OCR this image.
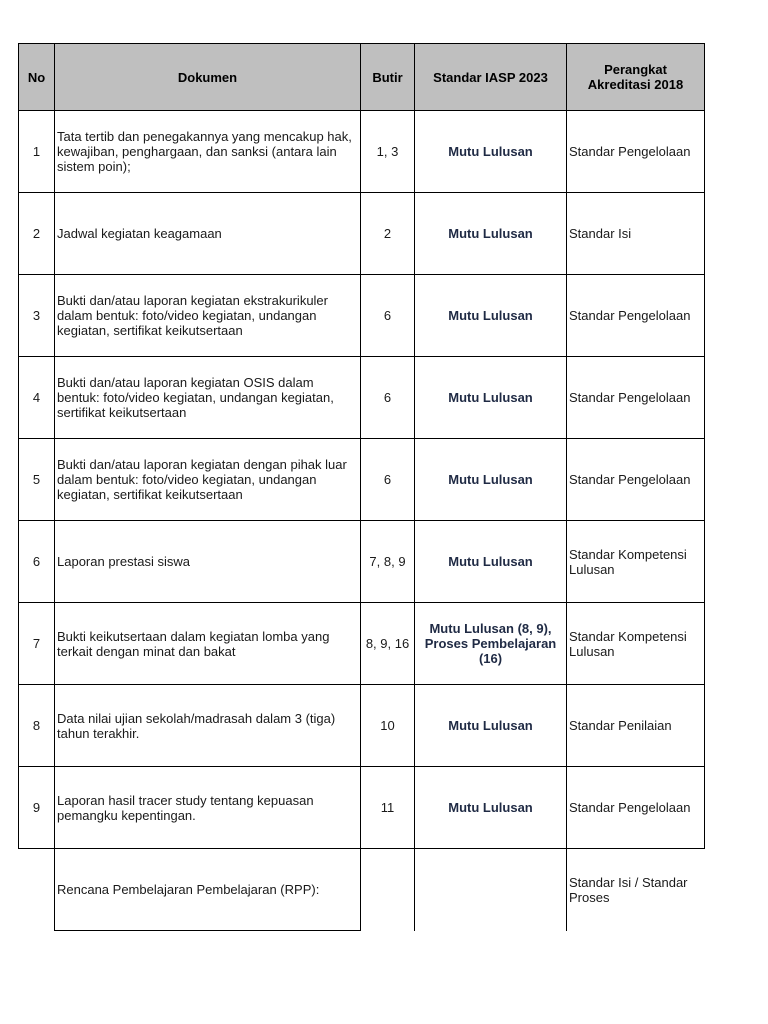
No	Dokumen	Butir	Standar IASP 2023	Perangkat Akreditasi 2018
1	Tata tertib dan penegakannya yang mencakup hak, kewajiban, penghargaan, dan sanksi (antara lain sistem poin);	1, 3	Mutu Lulusan	Standar Pengelolaan
2	Jadwal kegiatan keagamaan	2	Mutu Lulusan	Standar Isi
3	Bukti dan/atau laporan kegiatan ekstrakurikuler dalam bentuk: foto/video kegiatan, undangan kegiatan, sertifikat keikutsertaan	6	Mutu Lulusan	Standar Pengelolaan
4	Bukti dan/atau laporan kegiatan OSIS dalam bentuk: foto/video kegiatan, undangan kegiatan, sertifikat keikutsertaan	6	Mutu Lulusan	Standar Pengelolaan
5	Bukti dan/atau laporan kegiatan dengan pihak luar dalam bentuk: foto/video kegiatan, undangan kegiatan, sertifikat keikutsertaan	6	Mutu Lulusan	Standar Pengelolaan
6	Laporan prestasi siswa	7, 8, 9	Mutu Lulusan	Standar Kompetensi Lulusan
7	Bukti keikutsertaan dalam kegiatan lomba yang terkait dengan minat dan bakat	8, 9, 16	Mutu Lulusan (8, 9), Proses Pembelajaran (16)	Standar Kompetensi Lulusan
8	Data nilai ujian sekolah/madrasah dalam 3 (tiga) tahun terakhir.	10	Mutu Lulusan	Standar Penilaian
9	Laporan hasil tracer study tentang kepuasan pemangku kepentingan.	11	Mutu Lulusan	Standar Pengelolaan
	Rencana Pembelajaran Pembelajaran (RPP):			Standar Isi / Standar Proses
